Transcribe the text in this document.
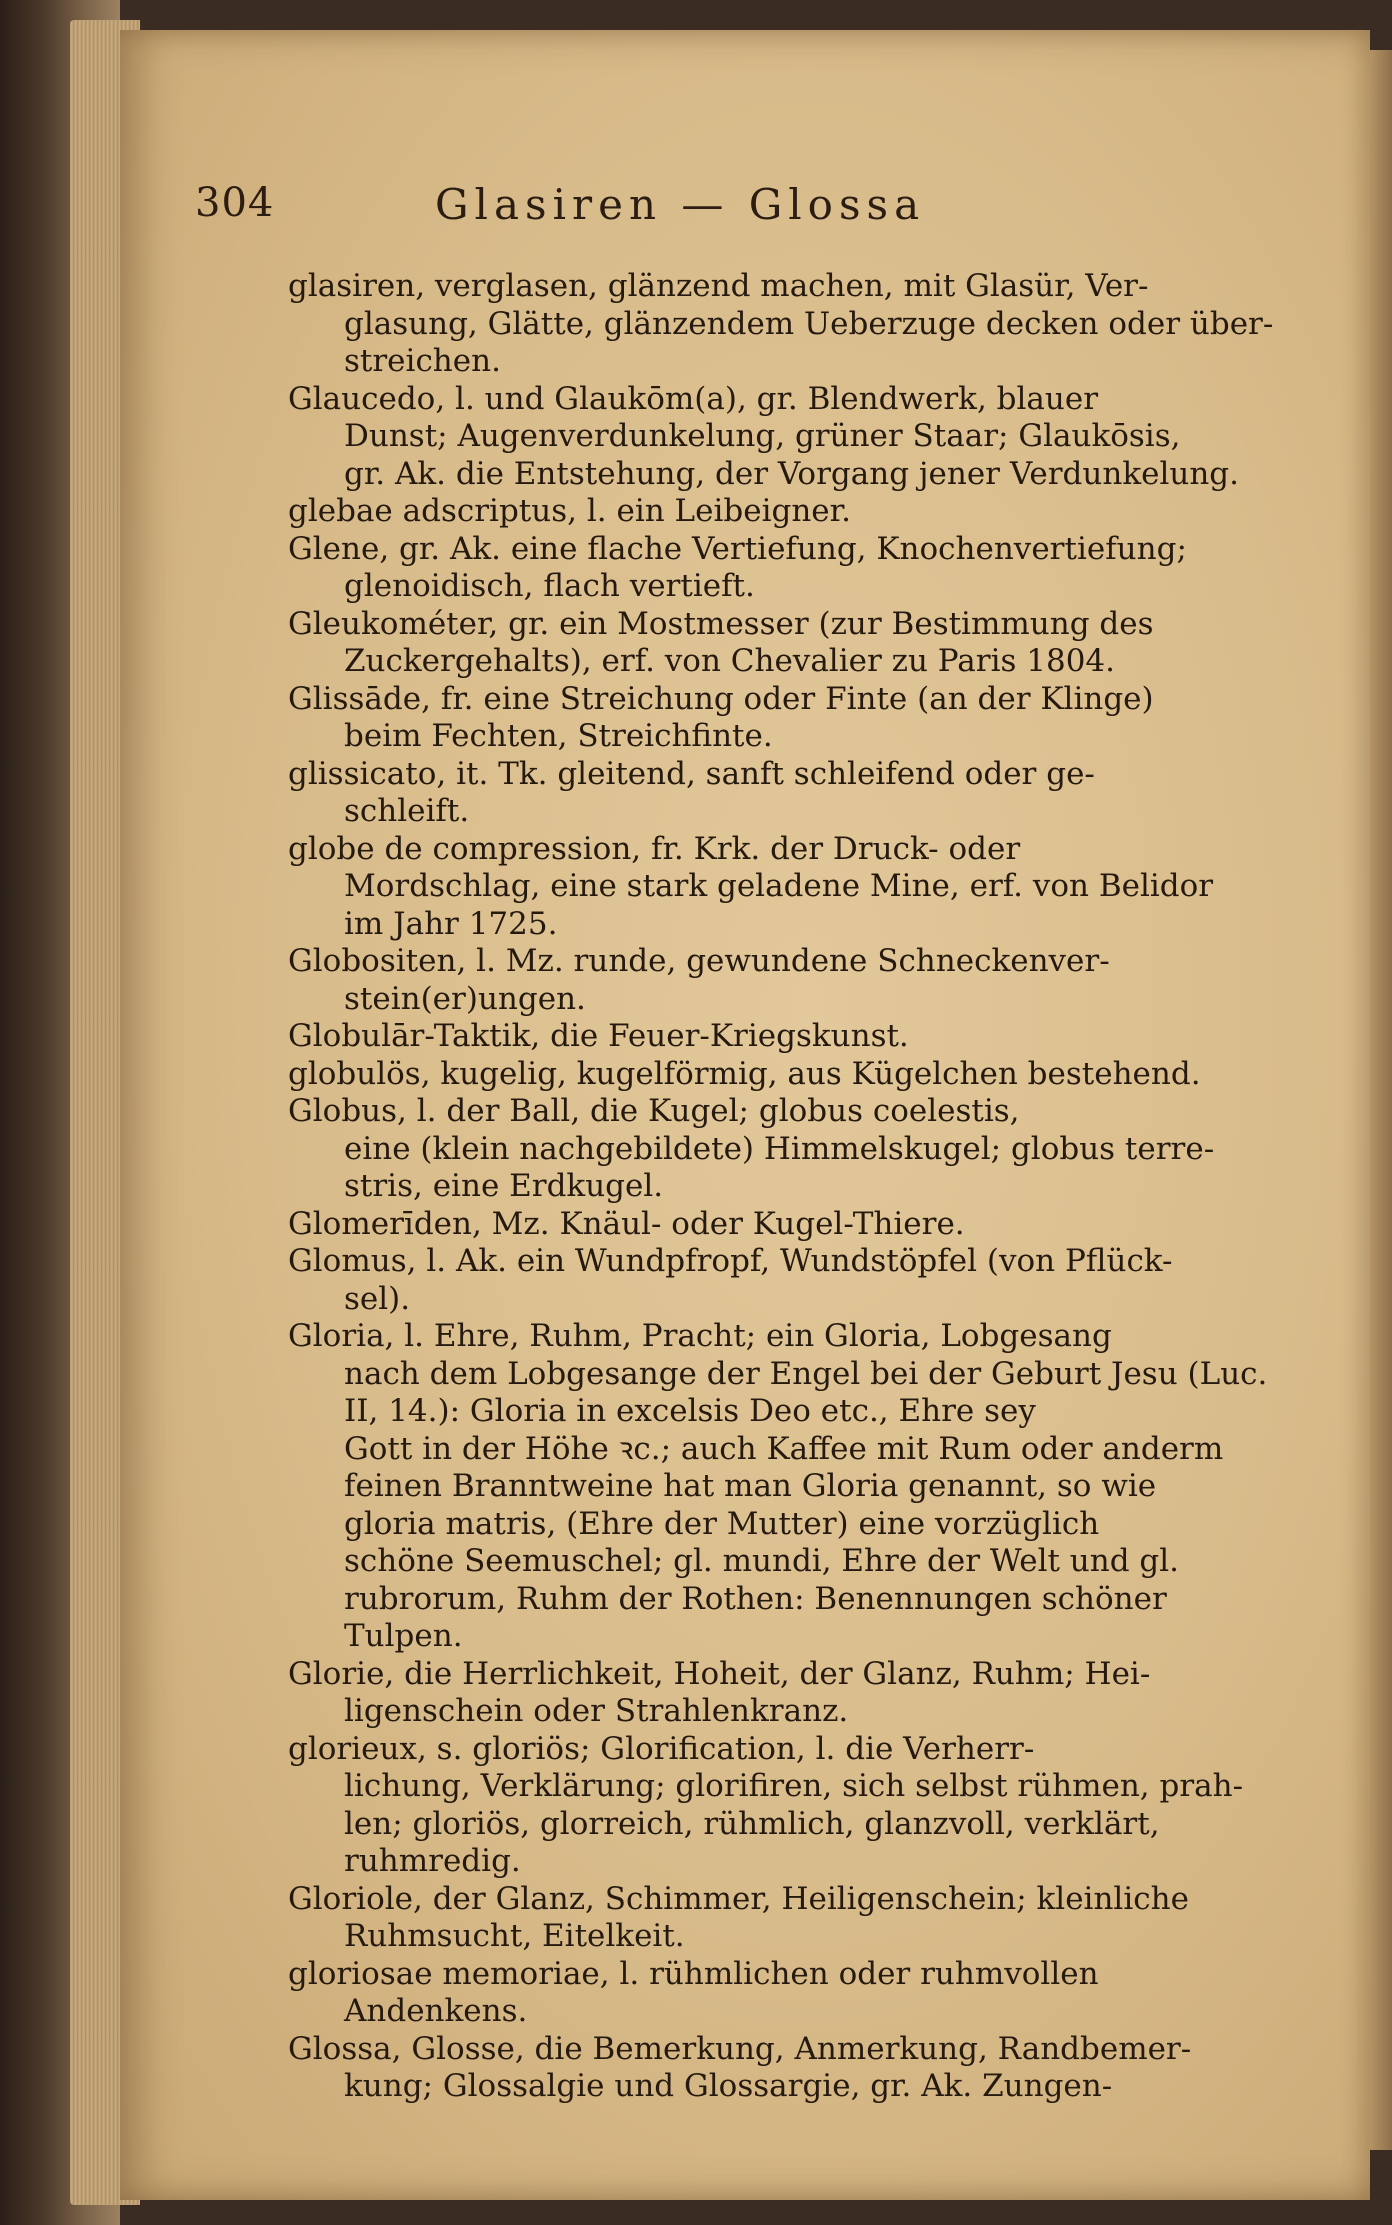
304	Glasiren — Glossa

glasiren, verglasen, glänzend machen, mit Glasür, Ver-
glasung, Glätte, glänzendem Ueberzuge decken oder über-
streichen.

Glaucedo, l. und Glaukōm(a), gr. Blendwerk, blauer
Dunst; Augenverdunkelung, grüner Staar; Glaukōsis,
gr. Ak. die Entstehung, der Vorgang jener Verdunkelung.

glebae adscriptus, l. ein Leibeigner.

Glene, gr. Ak. eine flache Vertiefung, Knochenvertiefung;
glenoidisch, flach vertieft.

Gleukométer, gr. ein Mostmesser (zur Bestimmung des
Zuckergehalts), erf. von Chevalier zu Paris 1804.

Glissāde, fr. eine Streichung oder Finte (an der Klinge)
beim Fechten, Streichfinte.

glissicato, it. Tk. gleitend, sanft schleifend oder ge-
schleift.

globe de compression, fr. Krk. der Druck- oder
Mordschlag, eine stark geladene Mine, erf. von Belidor
im Jahr 1725.

Globositen, l. Mz. runde, gewundene Schneckenver-
stein(er)ungen.

Globulār-Taktik, die Feuer-Kriegskunst.

globulös, kugelig, kugelförmig, aus Kügelchen bestehend.

Globus, l. der Ball, die Kugel; globus coelestis,
eine (klein nachgebildete) Himmelskugel; globus terre-
stris, eine Erdkugel.

Glomerīden, Mz. Knäul- oder Kugel-Thiere.

Glomus, l. Ak. ein Wundpfropf, Wundstöpfel (von Pflück-
sel).

Gloria, l. Ehre, Ruhm, Pracht; ein Gloria, Lobgesang
nach dem Lobgesange der Engel bei der Geburt Jesu (Luc.
II, 14.): Gloria in excelsis Deo etc., Ehre sey
Gott in der Höhe ꝛc.; auch Kaffee mit Rum oder anderm
feinen Branntweine hat man Gloria genannt, so wie
gloria matris, (Ehre der Mutter) eine vorzüglich
schöne Seemuschel; gl. mundi, Ehre der Welt und gl.
rubrorum, Ruhm der Rothen: Benennungen schöner
Tulpen.

Glorie, die Herrlichkeit, Hoheit, der Glanz, Ruhm; Hei-
ligenschein oder Strahlenkranz.

glorieux, s. gloriös; Glorification, l. die Verherr-
lichung, Verklärung; glorifiren, sich selbst rühmen, prah-
len; gloriös, glorreich, rühmlich, glanzvoll, verklärt,
ruhmredig.

Gloriole, der Glanz, Schimmer, Heiligenschein; kleinliche
Ruhmsucht, Eitelkeit.

gloriosae memoriae, l. rühmlichen oder ruhmvollen
Andenkens.

Glossa, Glosse, die Bemerkung, Anmerkung, Randbemer-
kung; Glossalgie und Glossargie, gr. Ak. Zungen-
